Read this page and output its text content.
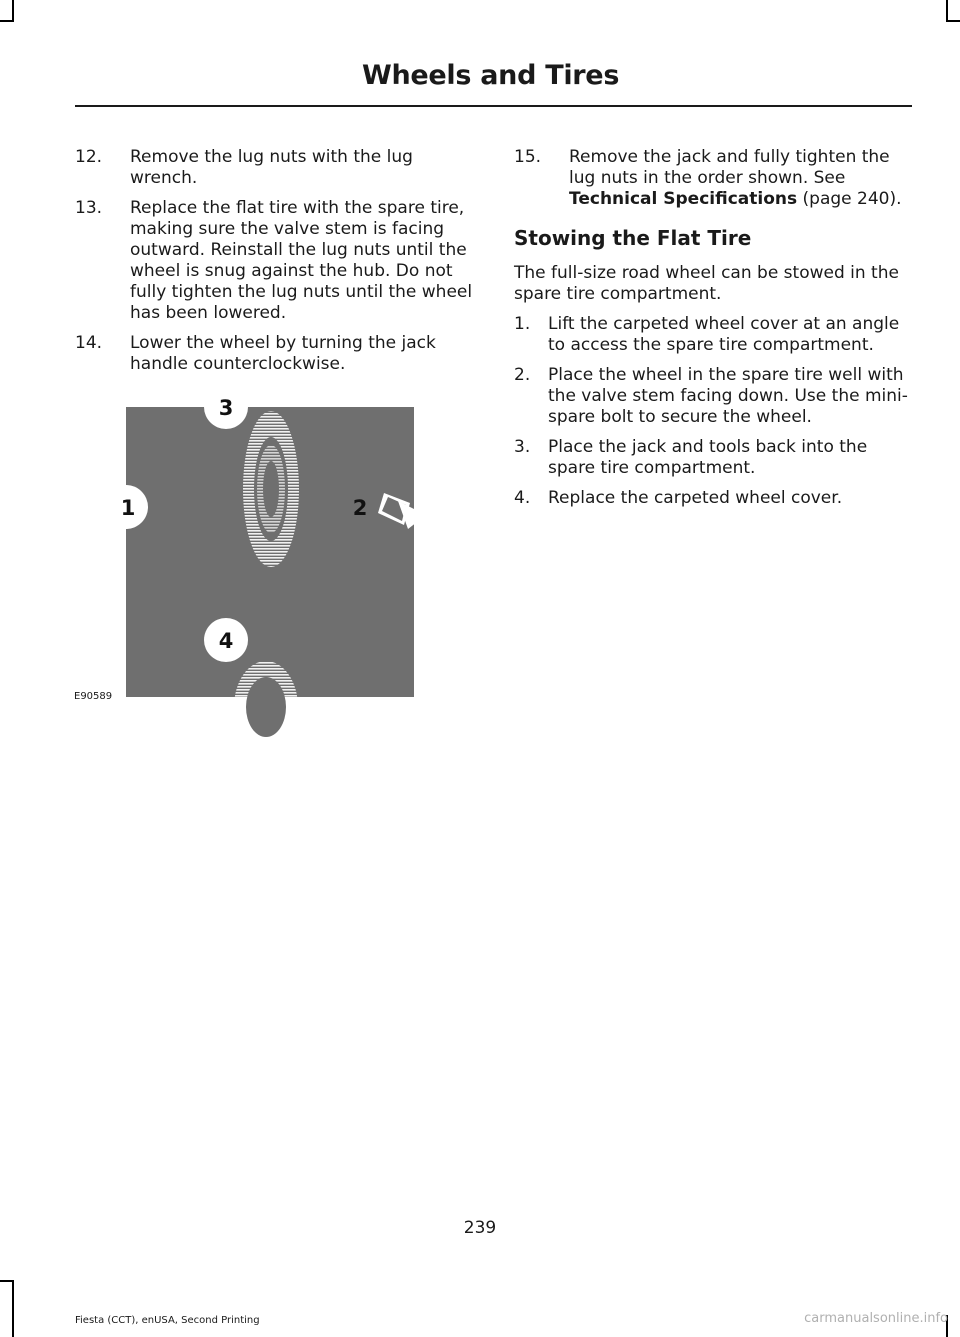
Wheels and Tires
12. Remove the lug nuts with the lug wrench.
13. Replace the flat tire with the spare tire, making sure the valve stem is facing outward. Reinstall the lug nuts until the wheel is snug against the hub. Do not fully tighten the lug nuts until the wheel has been lowered.
14. Lower the wheel by turning the jack handle counterclockwise.
3
1	2
4
E90589
15. Remove the jack and fully tighten the lug nuts in the order shown. See Technical Specifications (page 240).
Stowing the Flat Tire
The full-size road wheel can be stowed in the spare tire compartment.
1. Lift the carpeted wheel cover at an angle to access the spare tire compartment.
2. Place the wheel in the spare tire well with the valve stem facing down. Use the mini-spare bolt to secure the wheel.
3. Place the jack and tools back into the spare tire compartment.
4. Replace the carpeted wheel cover.
239
Fiesta (CCT), enUSA, Second Printing	carmanualsonline.info
